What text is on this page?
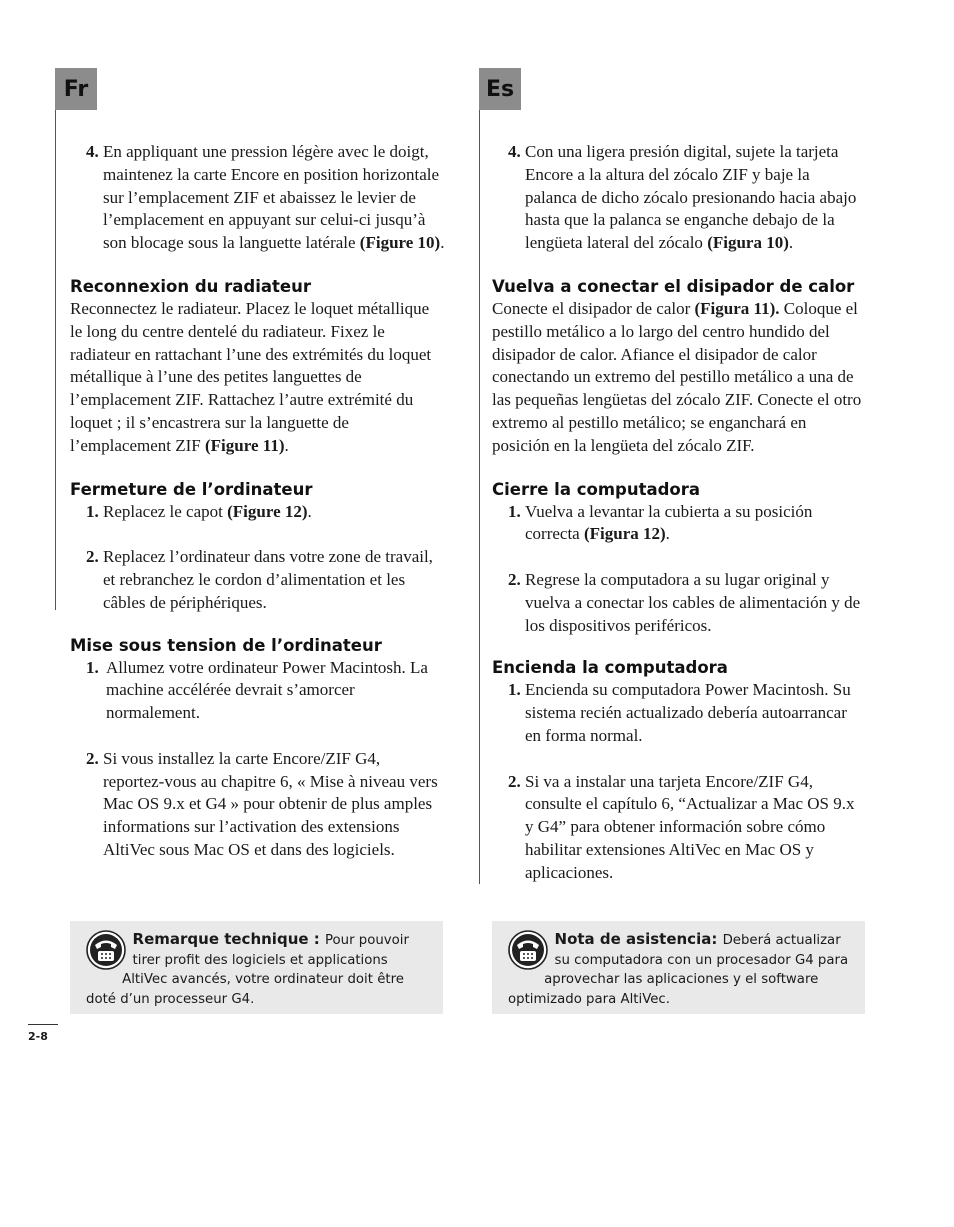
Fr	Es
4. En appliquant une pression légère avec le doigt, maintenez la carte Encore en position horizontale sur l’emplacement ZIF et abaissez le levier de l’emplacement en appuyant sur celui-ci jusqu’à son blocage sous la languette latérale (Figure 10).
Reconnexion du radiateur

Reconnectez le radiateur. Placez le loquet métallique le long du centre dentelé du radiateur. Fixez le radiateur en rattachant l’une des extrémités du loquet métallique à l’une des petites languettes de l’emplacement ZIF. Rattachez l’autre extrémité du loquet ; il s’encastrera sur la languette de l’emplacement ZIF (Figure 11).

Fermeture de l’ordinateur
1. Replacez le capot (Figure 12).
2. Replacez l’ordinateur dans votre zone de travail, et rebranchez le cordon d’alimentation et les câbles de périphériques.
Mise sous tension de l’ordinateur
1. Allumez votre ordinateur Power Macintosh. La machine accélérée devrait s’amorcer normalement.
2. Si vous installez la carte Encore/ZIF G4, reportez-vous au chapitre 6, « Mise à niveau vers Mac OS 9.x et G4 » pour obtenir de plus amples informations sur l’activation des extensions AltiVec sous Mac OS et dans des logiciels.
4. Con una ligera presión digital, sujete la tarjeta Encore a la altura del zócalo ZIF y baje la palanca de dicho zócalo presionando hacia abajo hasta que la palanca se enganche debajo de la lengüeta lateral del zócalo (Figura 10).
Vuelva a conectar el disipador de calor

Conecte el disipador de calor (Figura 11). Coloque el pestillo metálico a lo largo del centro hundido del disipador de calor. Afiance el disipador de calor conectando un extremo del pestillo metálico a una de las pequeñas lengüetas del zócalo ZIF. Conecte el otro extremo al pestillo metálico; se enganchará en posición en la lengüeta del zócalo ZIF.

Cierre la computadora
1. Vuelva a levantar la cubierta a su posición correcta (Figura 12).
2. Regrese la computadora a su lugar original y vuelva a conectar los cables de alimentación y de los dispositivos periféricos.
Encienda la computadora
1. Encienda su computadora Power Macintosh. Su sistema recién actualizado debería autoarrancar en forma normal.
2. Si va a instalar una tarjeta Encore/ZIF G4, consulte el capítulo 6, “Actualizar a Mac OS 9.x y G4” para obtener información sobre cómo habilitar extensiones AltiVec en Mac OS y aplicaciones.
Remarque technique : Pour pouvoir tirer profit des logiciels et applications AltiVec avancés, votre ordinateur doit être doté d’un processeur G4.
Nota de asistencia: Deberá actualizar su computadora con un procesador G4 para aprovechar las aplicaciones y el software optimizado para AltiVec.
2-8
